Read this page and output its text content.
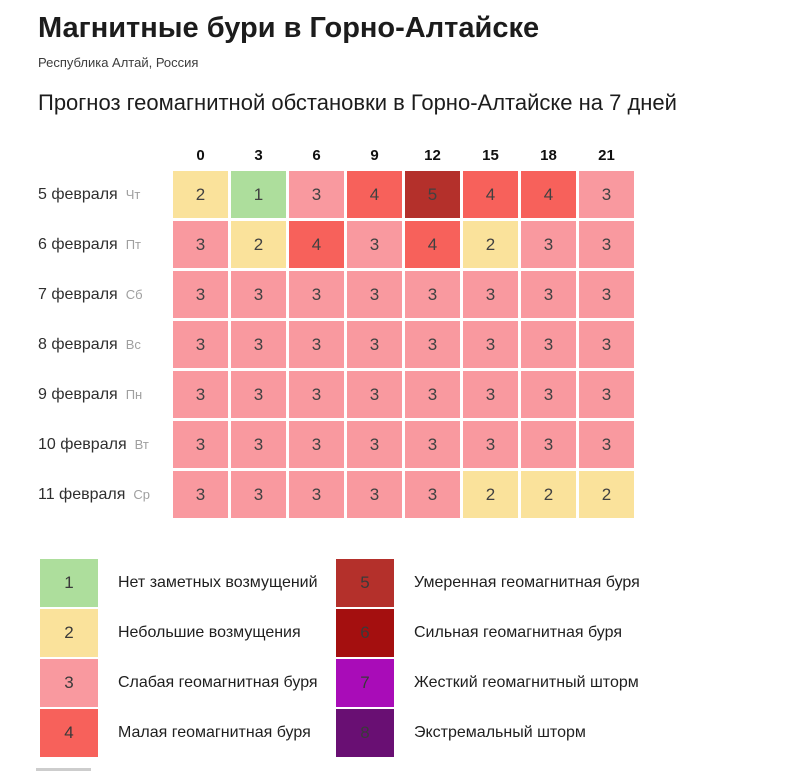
Магнитные бури в Горно-Алтайске

Республика Алтай, Россия

Прогноз геомагнитной обстановки в Горно-Алтайске на 7 дней
0	3	6	9	12	15	18	21
5 февраля Чт	2	1	3	4	5	4	4	3
6 февраля Пт	3	2	4	3	4	2	3	3
7 февраля Сб	3	3	3	3	3	3	3	3
8 февраля Вс	3	3	3	3	3	3	3	3
9 февраля Пн	3	3	3	3	3	3	3	3
10 февраля Вт	3	3	3	3	3	3	3	3
11 февраля Ср	3	3	3	3	3	2	2	2
1	Нет заметных возмущений
2	Небольшие возмущения
3	Слабая геомагнитная буря
4	Малая геомагнитная буря
5	Умеренная геомагнитная буря
6	Сильная геомагнитная буря
7	Жесткий геомагнитный шторм
8	Экстремальный шторм
